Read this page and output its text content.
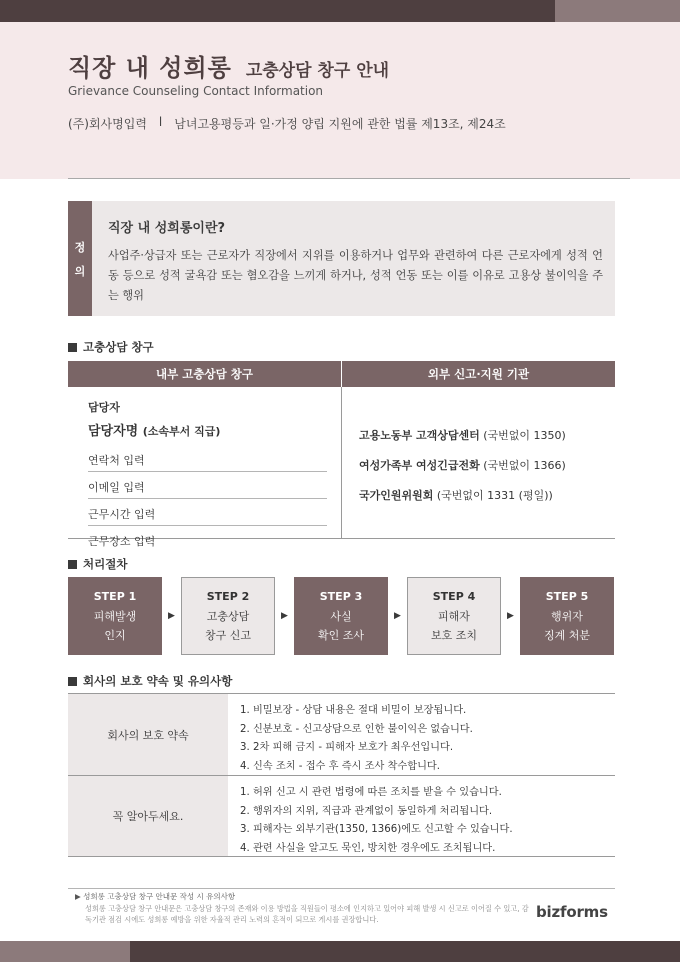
직장 내 성희롱 고충상담 창구 안내
Grievance Counseling Contact Information
(주)회사명입력 l 남녀고용평등과 일·가정 양립 지원에 관한 법률 제13조, 제24조
정
의
직장 내 성희롱이란?

사업주·상급자 또는 근로자가 직장에서 지위를 이용하거나 업무와 관련하여 다른 근로자에게 성적 언동 등으로 성적 굴욕감 또는 혐오감을 느끼게 하거나, 성적 언동 또는 이를 이유로 고용상 불이익을 주는 행위

고충상담 창구
내부 고충상담 창구	외부 신고·지원 기관
담당자
담당자명 (소속부서 직급)
연락처 입력
이메일 입력
근무시간 입력
근무장소 입력
고용노동부 고객상담센터 (국번없이 1350)
여성가족부 여성긴급전화 (국번없이 1366)
국가인원위원회 (국번없이 1331 (평일))
처리절차
STEP 1
피해발생
인지
▶
STEP 2
고충상담
창구 신고
▶
STEP 3
사실
확인 조사
▶
STEP 4
피해자
보호 조치
▶
STEP 5
행위자
징계 처분
회사의 보호 약속 및 유의사항
회사의 보호 약속
1. 비밀보장 - 상담 내용은 절대 비밀이 보장됩니다.
2. 신분보호 - 신고상담으로 인한 불이익은 없습니다.
3. 2차 피해 금지 - 피해자 보호가 최우선입니다.
4. 신속 조치 - 접수 후 즉시 조사 착수합니다.
꼭 알아두세요.
1. 허위 신고 시 관련 법령에 따른 조치를 받을 수 있습니다.
2. 행위자의 지위, 직급과 관계없이 동일하게 처리됩니다.
3. 피해자는 외부기관(1350, 1366)에도 신고할 수 있습니다.
4. 관련 사실을 알고도 묵인, 방치한 경우에도 조치됩니다.
▶ 성희롱 고충상담 창구 안내문 작성 시 유의사항
성희롱 고충상담 창구 안내문은 고충상담 창구의 존재와 이용 방법을 직원들이 평소에 인지하고 있어야 피해 발생 시 신고로 이어질 수 있고, 감독기관 점검 시에도 성희롱 예방을 위한 자율적 관리 노력의 흔적이 되므로 게시를 권장합니다.	bizforms
